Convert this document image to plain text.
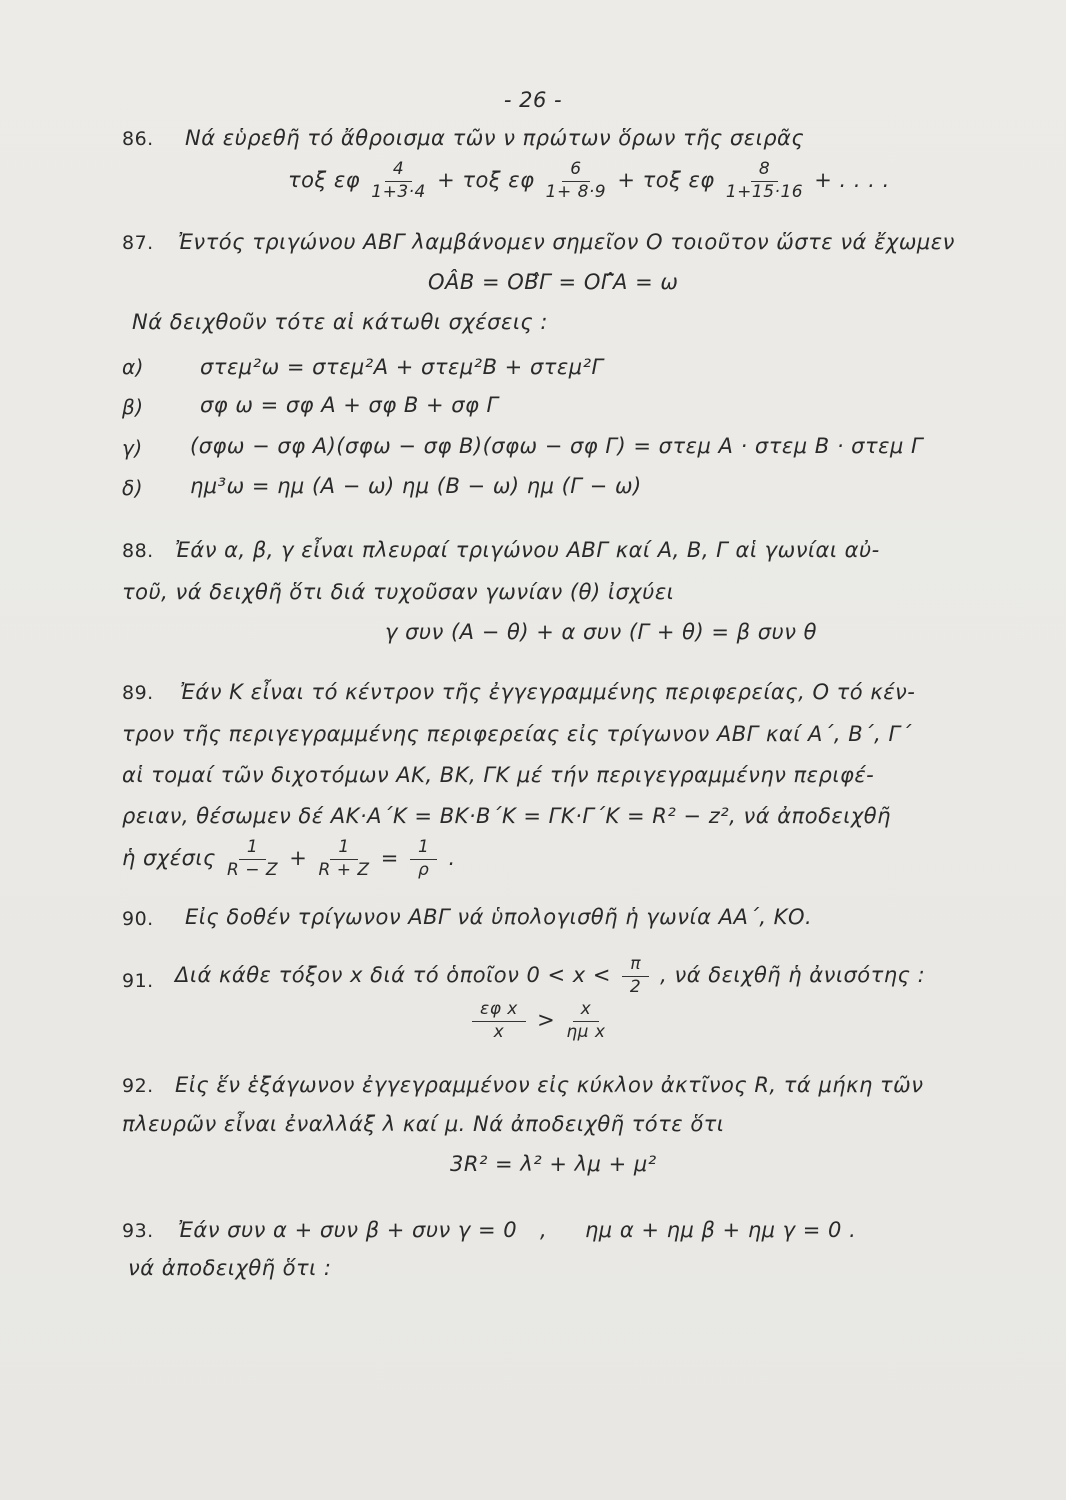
- 26 -
86. Νά εὑρεθῆ τό ἄθροισμα τῶν ν πρώτων ὅρων τῆς σειρᾶς
τοξ εφ $\frac{4}{1+3\cdot 4} + \tau o\xi$ εφ $\frac{6}{1+ 8\cdot 9} + \tau o\xi$ εφ $\frac{8}{1+15\cdot 16}$ + . . . .
87. Ἐντός τριγώνου ΑΒΓ λαμβάνομεν σημεῖον Ο τοιοῦτον ὥστε νά ἔχωμεν
ΟÂΒ = ΟΒ̂Γ = ΟΓ̂Α = ω
Νά δειχθοῦν τότε αἱ κάτωθι σχέσεις :
α)	στεμ²ω = στεμ²Α + στεμ²Β + στεμ²Γ
β)	σφ ω = σφ Α + σφ Β + σφ Γ
γ) (σφω − σφ Α)(σφω − σφ Β)(σφω − σφ Γ) = στεμ Α · στεμ Β · στεμ Γ
δ) ημ³ω = ημ (Α − ω) ημ (Β − ω) ημ (Γ − ω)
88. Ἐάν α, β, γ εἶναι πλευραί τριγώνου ΑΒΓ καί Α, Β, Γ αἱ γωνίαι αὐ-
τοῦ, νά δειχθῆ ὅτι διά τυχοῦσαν γωνίαν (θ) ἰσχύει
γ συν (Α − θ) + α συν (Γ + θ) = β συν θ
89. Ἐάν Κ εἶναι τό κέντρον τῆς ἐγγεγραμμένης περιφερείας, Ο τό κέν-
τρον τῆς περιγεγραμμένης περιφερείας εἰς τρίγωνον ΑΒΓ καί Α΄, Β΄, Γ΄
αἱ τομαί τῶν διχοτόμων ΑΚ, ΒΚ, ΓΚ μέ τήν περιγεγραμμένην περιφέ-
ρειαν, θέσωμεν δέ ΑΚ·Α΄Κ = ΒΚ·Β΄Κ = ΓΚ·Γ΄Κ = R² − z², νά ἀποδειχθῆ
ἡ σχέσις $\frac{1}{R - Z} + \frac{1}{R + Z} = \frac{1}{\rho}$ .
90. Εἰς δοθέν τρίγωνον ΑΒΓ νά ὑπολογισθῆ ἡ γωνία ΑΑ΄, ΚΟ.
91. Διά κάθε τόξον x διά τό ὁποῖον $0 < x < \frac{\pi}{2}$ , νά δειχθῆ ἡ ἀνισότης :
$\frac{\text{εφ x}}{x} > \frac{x}{\text{ημ x}}$
92. Εἰς ἕν ἑξάγωνον ἐγγεγραμμένον εἰς κύκλον ἀκτῖνος R, τά μήκη τῶν
πλευρῶν εἶναι ἐναλλάξ λ καί μ. Νά ἀποδειχθῆ τότε ὅτι
3R² = λ² + λμ + μ²
93. Ἐάν συν α + συν β + συν γ = 0 , ημ α + ημ β + ημ γ = 0 .
νά ἀποδειχθῆ ὅτι :
